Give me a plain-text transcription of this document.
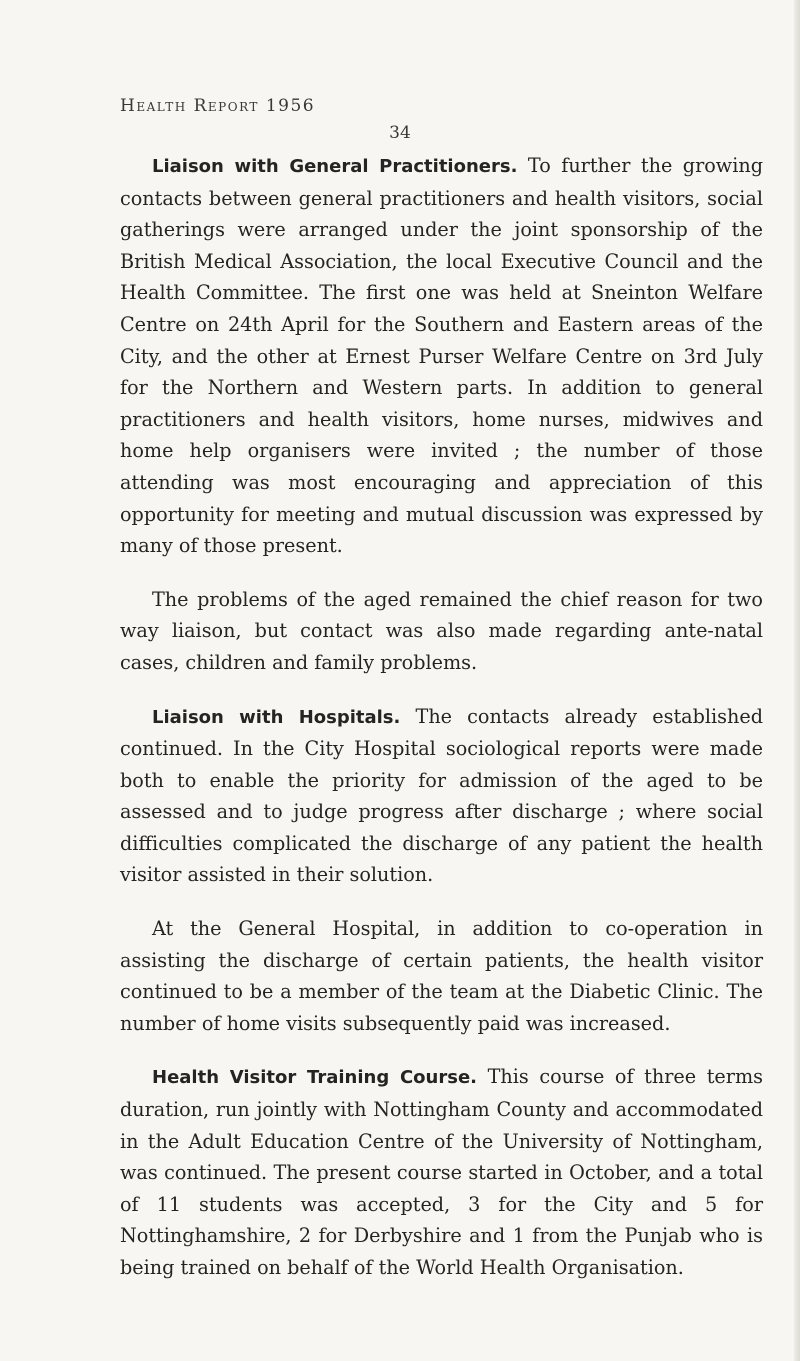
Health Report 1956
34

Liaison with General Practitioners. To further the growing contacts between general practitioners and health visitors, social gatherings were arranged under the joint sponsorship of the British Medical Association, the local Executive Council and the Health Committee. The first one was held at Sneinton Welfare Centre on 24th April for the Southern and Eastern areas of the City, and the other at Ernest Purser Welfare Centre on 3rd July for the Northern and Western parts. In addition to general practitioners and health visitors, home nurses, midwives and home help organisers were invited ; the number of those attending was most encouraging and appreciation of this opportunity for meeting and mutual discussion was expressed by many of those present.

The problems of the aged remained the chief reason for two way liaison, but contact was also made regarding ante-natal cases, children and family problems.

Liaison with Hospitals. The contacts already established continued. In the City Hospital sociological reports were made both to enable the priority for admission of the aged to be assessed and to judge progress after discharge ; where social difficulties complicated the discharge of any patient the health visitor assisted in their solution.

At the General Hospital, in addition to co-operation in assisting the discharge of certain patients, the health visitor continued to be a member of the team at the Diabetic Clinic. The number of home visits subsequently paid was increased.

Health Visitor Training Course. This course of three terms duration, run jointly with Nottingham County and accommodated in the Adult Education Centre of the University of Nottingham, was continued. The present course started in October, and a total of 11 students was accepted, 3 for the City and 5 for Nottinghamshire, 2 for Derbyshire and 1 from the Punjab who is being trained on behalf of the World Health Organisation.
